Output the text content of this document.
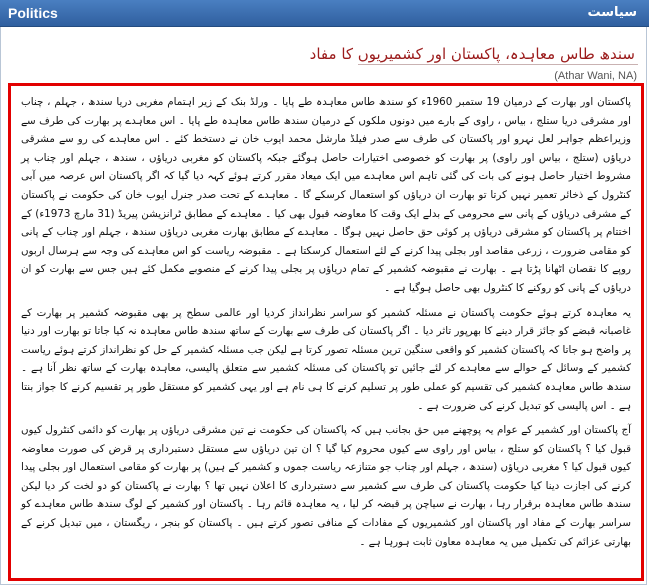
Politics	سیاست
سندھ طاس معاہدہ، پاکستان اور کشمیریوں کا مفاد
(Athar Wani, NA)

پاکستان اور بھارت کے درمیان 19 ستمبر 1960ء کو سندھ طاس معاہدہ طے پایا ۔ ورلڈ بنک کے زیر اہتمام مغربی دریا سندھ ، جہلم ، چناب اور مشرقی دریا ستلج ، بیاس ، راوی کے بارے میں دونوں ملکوں کے درمیان سندھ طاس معاہدہ طے پایا ۔ اس معاہدے پر بھارت کی طرف سے وزیراعظم جواہر لعل نہرو اور پاکستان کی طرف سے صدر فیلڈ مارشل محمد ایوب خان نے دستخط کئے ۔ اس معاہدے کی رو سے مشرقی دریاؤں (ستلج ، بیاس اور راوی) پر بھارت کو خصوصی اختیارات حاصل ہوگئے جبکہ پاکستان کو مغربی دریاؤں ، سندھ ، جہلم اور چناب پر مشروط اختیار حاصل ہونے کی بات کی گئی تاہم اس معاہدے میں ایک میعاد مقرر کرتے ہوئے کہہ دیا گیا کہ اگر پاکستان اس عرصہ میں آبی کنٹرول کے ذخائر تعمیر نہیں کرتا تو بھارت ان دریاؤں کو استعمال کرسکے گا ۔ معاہدے کے تحت صدر جنرل ایوب خان کی حکومت نے پاکستان کے مشرقی دریاؤں کے پانی سے محرومی کے بدلے ایک وقت کا معاوضہ قبول بھی کیا ۔ معاہدے کے مطابق ٹرانزیشن پیریڈ (31 مارچ 1973ء) کے اختتام پر پاکستان کو مشرقی دریاؤں پر کوئی حق حاصل نہیں ہوگا ۔ معاہدے کے مطابق بھارت مغربی دریاؤں سندھ ، جہلم اور چناب کے پانی کو مقامی ضرورت ، زرعی مقاصد اور بجلی پیدا کرنے کے لئے استعمال کرسکتا ہے ۔ مقبوضہ ریاست کو اس معاہدے کی وجہ سے ہرسال اربوں روپے کا نقصان اٹھانا پڑتا ہے ۔ بھارت نے مقبوضہ کشمیر کے تمام دریاؤں پر بجلی پیدا کرنے کے منصوبے مکمل کئے ہیں جس سے بھارت کو ان دریاؤں کے پانی کو روکنے کا کنٹرول بھی حاصل ہوگیا ہے ۔

یہ معاہدہ کرتے ہوئے حکومت پاکستان نے مسئلہ کشمیر کو سراسر نظرانداز کردیا اور عالمی سطح پر بھی مقبوضہ کشمیر پر بھارت کے غاصبانہ قبضے کو جائز قرار دینے کا بھرپور تاثر دیا ۔ اگر پاکستان کی طرف سے بھارت کے ساتھ سندھ طاس معاہدہ نہ کیا جاتا تو بھارت اور دنیا پر واضح ہو جاتا کہ پاکستان کشمیر کو واقعی سنگین ترین مسئلہ تصور کرتا ہے لیکن جب مسئلہ کشمیر کے حل کو نظرانداز کرتے ہوئے ریاست کشمیر کے وسائل کے حوالے سے معاہدے کر لئے جائیں تو پاکستان کی مسئلہ کشمیر سے متعلق پالیسی، معاہدہ بھارت کے ساتھ نظر آنا ہے ۔ سندھ طاس معاہدہ کشمیر کی تقسیم کو عملی طور پر تسلیم کرنے کا ہی نام ہے اور یہی کشمیر کو مستقل طور پر تقسیم کرنے کا جواز بنتا ہے ۔ اس پالیسی کو تبدیل کرنے کی ضرورت ہے ۔

آج پاکستان اور کشمیر کے عوام یہ پوچھنے میں حق بجانب ہیں کہ پاکستان کی حکومت نے تین مشرقی دریاؤں پر بھارت کو دائمی کنٹرول کیوں قبول کیا ؟ پاکستان کو ستلج ، بیاس اور راوی سے کیوں محروم کیا گیا ؟ ان تین دریاؤں سے مستقل دستبرداری پر قرض کی صورت معاوضہ کیوں قبول کیا ؟ مغربی دریاؤں (سندھ ، جہلم اور چناب جو متنازعہ ریاست جموں و کشمیر کے ہیں) پر بھارت کو مقامی استعمال اور بجلی پیدا کرنے کی اجازت دینا کیا حکومت پاکستان کی طرف سے کشمیر سے دستبرداری کا اعلان نہیں تھا ؟ بھارت نے پاکستان کو دو لخت کر دیا لیکن سندھ طاس معاہدہ برقرار رہا ، بھارت نے سیاچن پر قبضہ کر لیا ، یہ معاہدہ قائم رہا ۔ پاکستان اور کشمیر کے لوگ سندھ طاس معاہدے کو سراسر بھارت کے مفاد اور پاکستان اور کشمیریوں کے مفادات کے منافی تصور کرتے ہیں ۔ پاکستان کو بنجر ، ریگستان ، میں تبدیل کرنے کے بھارتی عزائم کی تکمیل میں یہ معاہدہ معاون ثابت ہورہا ہے ۔
